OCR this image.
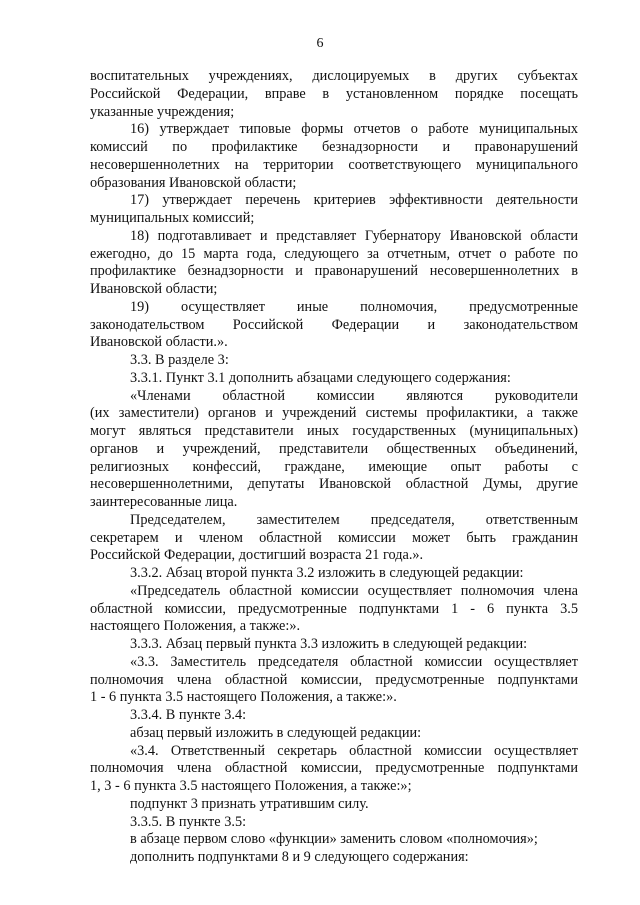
6
воспитательных учреждениях, дислоцируемых в других субъектах
Российской Федерации, вправе в установленном порядке посещать
указанные учреждения;
16) утверждает типовые формы отчетов о работе муниципальных
комиссий по профилактике безнадзорности и правонарушений
несовершеннолетних на территории соответствующего муниципального
образования Ивановской области;
17) утверждает перечень критериев эффективности деятельности
муниципальных комиссий;
18) подготавливает и представляет Губернатору Ивановской области
ежегодно, до 15 марта года, следующего за отчетным, отчет о работе по
профилактике безнадзорности и правонарушений несовершеннолетних в
Ивановской области;
19) осуществляет иные полномочия, предусмотренные
законодательством Российской Федерации и законодательством
Ивановской области.».
3.3. В разделе 3:
3.3.1. Пункт 3.1 дополнить абзацами следующего содержания:
«Членами областной комиссии являются руководители
(их заместители) органов и учреждений системы профилактики, а также
могут являться представители иных государственных (муниципальных)
органов и учреждений, представители общественных объединений,
религиозных конфессий, граждане, имеющие опыт работы с
несовершеннолетними, депутаты Ивановской областной Думы, другие
заинтересованные лица.
Председателем, заместителем председателя, ответственным
секретарем и членом областной комиссии может быть гражданин
Российской Федерации, достигший возраста 21 года.».
3.3.2. Абзац второй пункта 3.2 изложить в следующей редакции:
«Председатель областной комиссии осуществляет полномочия члена
областной комиссии, предусмотренные подпунктами 1 - 6 пункта 3.5
настоящего Положения, а также:».
3.3.3. Абзац первый пункта 3.3 изложить в следующей редакции:
«3.3. Заместитель председателя областной комиссии осуществляет
полномочия члена областной комиссии, предусмотренные подпунктами
1 - 6 пункта 3.5 настоящего Положения, а также:».
3.3.4. В пункте 3.4:
абзац первый изложить в следующей редакции:
«3.4. Ответственный секретарь областной комиссии осуществляет
полномочия члена областной комиссии, предусмотренные подпунктами
1, 3 - 6 пункта 3.5 настоящего Положения, а также:»;
подпункт 3 признать утратившим силу.
3.3.5. В пункте 3.5:
в абзаце первом слово «функции» заменить словом «полномочия»;
дополнить подпунктами 8 и 9 следующего содержания:
